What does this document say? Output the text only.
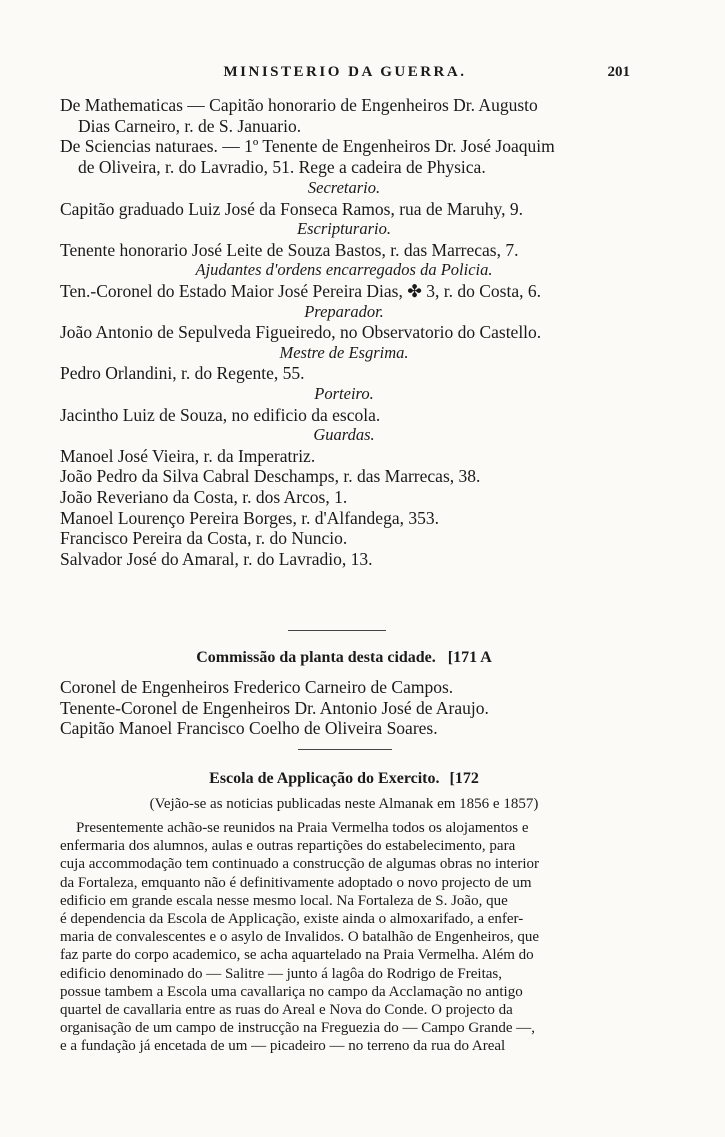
MINISTERIO DA GUERRA.	201
De Mathematicas — Capitão honorario de Engenheiros Dr. Augusto
Dias Carneiro, r. de S. Januario.
De Sciencias naturaes. — 1º Tenente de Engenheiros Dr. José Joaquim
de Oliveira, r. do Lavradio, 51. Rege a cadeira de Physica.
Secretario.
Capitão graduado Luiz José da Fonseca Ramos, rua de Maruhy, 9.
Escripturario.
Tenente honorario José Leite de Souza Bastos, r. das Marrecas, 7.
Ajudantes d'ordens encarregados da Policia.
Ten.-Coronel do Estado Maior José Pereira Dias, ✤ 3, r. do Costa, 6.
Preparador.
João Antonio de Sepulveda Figueiredo, no Observatorio do Castello.
Mestre de Esgrima.
Pedro Orlandini, r. do Regente, 55.
Porteiro.
Jacintho Luiz de Souza, no edificio da escola.
Guardas.
Manoel José Vieira, r. da Imperatriz.
João Pedro da Silva Cabral Deschamps, r. das Marrecas, 38.
João Reveriano da Costa, r. dos Arcos, 1.
Manoel Lourenço Pereira Borges, r. d'Alfandega, 353.
Francisco Pereira da Costa, r. do Nuncio.
Salvador José do Amaral, r. do Lavradio, 13.
Commissão da planta desta cidade. [171 A
Coronel de Engenheiros Frederico Carneiro de Campos.
Tenente-Coronel de Engenheiros Dr. Antonio José de Araujo.
Capitão Manoel Francisco Coelho de Oliveira Soares.
Escola de Applicação do Exercito. [172
(Vejão-se as noticias publicadas neste Almanak em 1856 e 1857)
Presentemente achão-se reunidos na Praia Vermelha todos os alojamentos e
enfermaria dos alumnos, aulas e outras repartições do estabelecimento, para
cuja accommodação tem continuado a construcção de algumas obras no interior
da Fortaleza, emquanto não é definitivamente adoptado o novo projecto de um
edificio em grande escala nesse mesmo local. Na Fortaleza de S. João, que
é dependencia da Escola de Applicação, existe ainda o almoxarifado, a enfer-
maria de convalescentes e o asylo de Invalidos. O batalhão de Engenheiros, que
faz parte do corpo academico, se acha aquartelado na Praia Vermelha. Além do
edificio denominado do — Salitre — junto á lagôa do Rodrigo de Freitas,
possue tambem a Escola uma cavallariça no campo da Acclamação no antigo
quartel de cavallaria entre as ruas do Areal e Nova do Conde. O projecto da
organisação de um campo de instrucção na Freguezia do — Campo Grande —,
e a fundação já encetada de um — picadeiro — no terreno da rua do Areal
